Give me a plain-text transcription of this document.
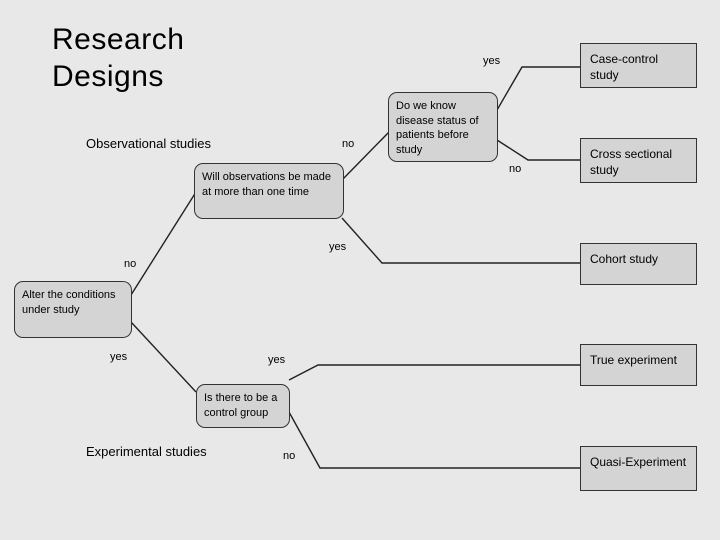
Research Designs
Observational studies
Experimental studies
Alter the conditions under study
Will observations be made at more than one time
Do we know disease status of patients before study
Is there to be a control group
Case-control study
Cross sectional study
Cohort study
True experiment
Quasi-Experiment
no
yes
no
yes
yes
no
yes
no
